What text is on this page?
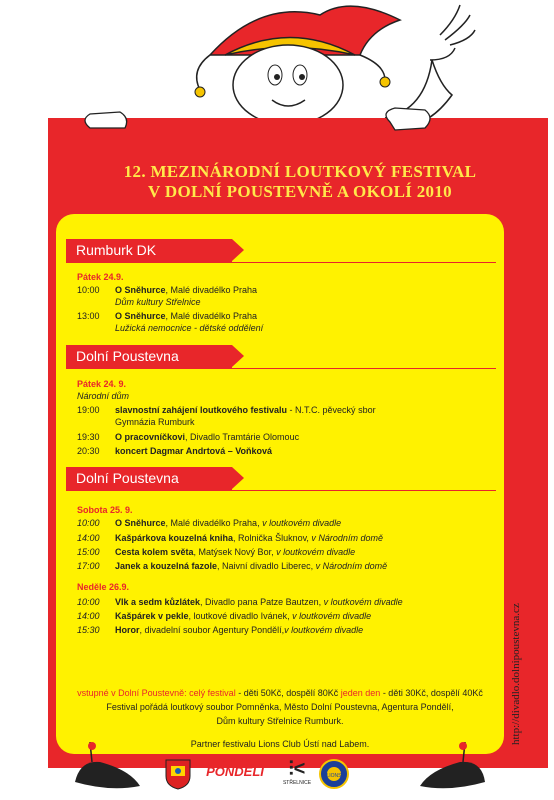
12. MEZINÁRODNÍ LOUTKOVÝ FESTIVAL
V DOLNÍ POUSTEVNĚ A OKOLÍ 2010
Rumburk DK
Pátek 24.9.
10:00 O Sněhurce, Malé divadélko Praha
Dům kultury Střelnice
13:00 O Sněhurce, Malé divadélko Praha
Lužická nemocnice - dětské oddělení
Dolní Poustevna
Pátek 24. 9.
Národní dům
19:00 slavnostní zahájení loutkového festivalu - N.T.C. pěvecký sbor
Gymnázia Rumburk
19:30 O pracovníčkovi, Divadlo Tramtárie Olomouc
20:30 koncert Dagmar Andrtová – Voňková
Dolní Poustevna
Sobota 25. 9.
10:00 O Sněhurce, Malé divadélko Praha, v loutkovém divadle
14:00 Kašpárkova kouzelná kniha, Rolnička Šluknov, v Národním domě
15:00 Cesta kolem světa, Matýsek Nový Bor, v loutkovém divadle
17:00 Janek a kouzelná fazole, Naivní divadlo Liberec, v Národním domě
Neděle 26.9.
10:00 Vlk a sedm kůzlátek, Divadlo pana Patze Bautzen, v loutkovém divadle
14:00 Kašpárek v pekle, loutkové divadlo Ivánek, v loutkovém divadle
15:30 Horor, divadelní soubor Agentury Pondělí,v loutkovém divadle
vstupné v Dolní Poustevně: celý festival - děti 50Kč, dospělí 80Kč jeden den - děti 30Kč, dospělí 40Kč
Festival pořádá loutkový soubor Pomněnka, Město Dolní Poustevna, Agentura Pondělí,
Dům kultury Střelnice Rumburk.
Partner festivalu Lions Club Ústí nad Labem.	http://divadlo.dolnipoustevna.cz
AGENTURA
PONDĚLÍ	⫶<
STŘELNICE
LIONS
